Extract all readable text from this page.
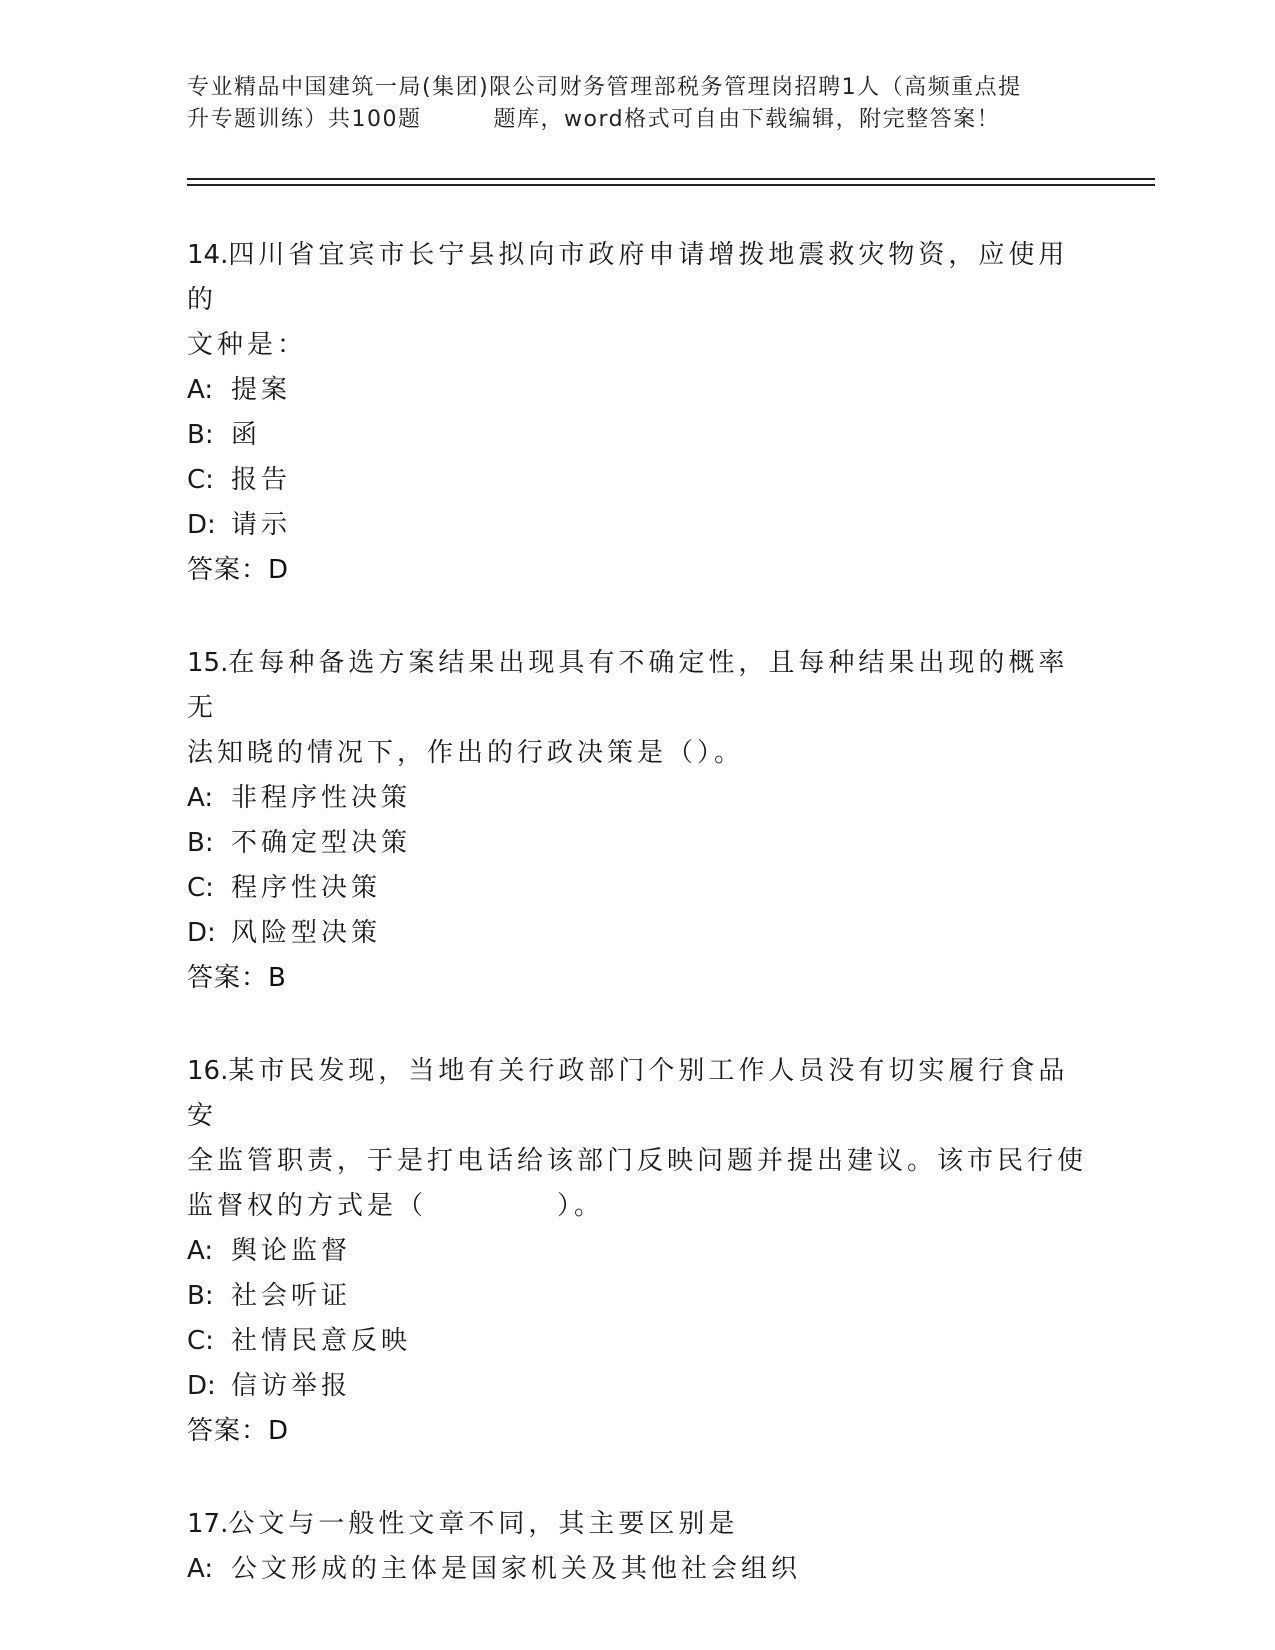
专业精品中国建筑一局(集团)限公司财务管理部税务管理岗招聘1人（高频重点提
升专题训练）共100题	题库，word格式可自由下载编辑，附完整答案！
14.四川省宜宾市长宁县拟向市政府申请增拨地震救灾物资，应使用的
文种是：
A: 提案
B: 函
C: 报告
D: 请示
答案：D
15.在每种备选方案结果出现具有不确定性，且每种结果出现的概率无
法知晓的情况下，作出的行政决策是（）。
A: 非程序性决策
B: 不确定型决策
C: 程序性决策
D: 风险型决策
答案：B
16.某市民发现，当地有关行政部门个别工作人员没有切实履行食品安
全监管职责，于是打电话给该部门反映问题并提出建议。该市民行使
监督权的方式是（	）。
A: 舆论监督
B: 社会听证
C: 社情民意反映
D: 信访举报
答案：D
17.公文与一般性文章不同，其主要区别是
A: 公文形成的主体是国家机关及其他社会组织
